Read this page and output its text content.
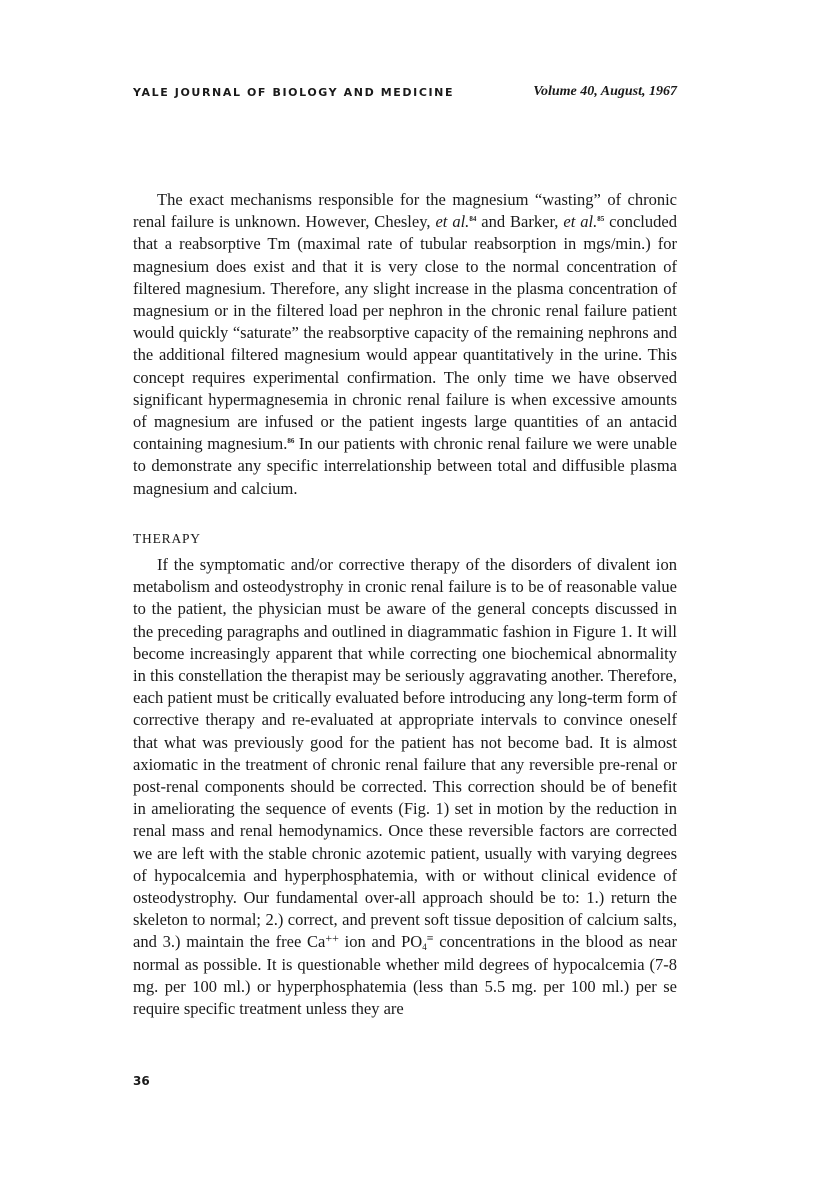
YALE JOURNAL OF BIOLOGY AND MEDICINE	Volume 40, August, 1967

The exact mechanisms responsible for the magnesium “wasting” of chronic renal failure is unknown. However, Chesley, et al.$^{84}$ and Barker, et al.$^{85}$ concluded that a reabsorptive Tm (maximal rate of tubular reabsorption in mgs/min.) for magnesium does exist and that it is very close to the normal concentration of filtered magnesium. Therefore, any slight increase in the plasma concentration of magnesium or in the filtered load per nephron in the chronic renal failure patient would quickly “saturate” the reabsorptive capacity of the remaining nephrons and the additional filtered magnesium would appear quantitatively in the urine. This concept requires experimental confirmation. The only time we have observed significant hypermagnesemia in chronic renal failure is when excessive amounts of magnesium are infused or the patient ingests large quantities of an antacid containing magnesium.$^{86}$ In our patients with chronic renal failure we were unable to demonstrate any specific interrelationship between total and diffusible plasma magnesium and calcium.

THERAPY

If the symptomatic and/or corrective therapy of the disorders of divalent ion metabolism and osteodystrophy in cronic renal failure is to be of reasonable value to the patient, the physician must be aware of the general concepts discussed in the preceding paragraphs and outlined in diagrammatic fashion in Figure 1. It will become increasingly apparent that while correcting one biochemical abnormality in this constellation the therapist may be seriously aggravating another. Therefore, each patient must be critically evaluated before introducing any long-term form of corrective therapy and re-evaluated at appropriate intervals to convince oneself that what was previously good for the patient has not become bad. It is almost axiomatic in the treatment of chronic renal failure that any reversible pre-renal or post-renal components should be corrected. This correction should be of benefit in ameliorating the sequence of events (Fig. 1) set in motion by the reduction in renal mass and renal hemodynamics. Once these reversible factors are corrected we are left with the stable chronic azotemic patient, usually with varying degrees of hypocalcemia and hyperphosphatemia, with or without clinical evidence of osteodystrophy. Our fundamental over-all approach should be to: 1.) return the skeleton to normal; 2.) correct, and prevent soft tissue deposition of calcium salts, and 3.) maintain the free Ca++ ion and $PO_4^\equiv$ concentrations in the blood as near normal as possible. It is questionable whether mild degrees of hypocalcemia (7-8 mg. per 100 ml.) or hyperphosphatemia (less than 5.5 mg. per 100 ml.) per se require specific treatment unless they are

36
